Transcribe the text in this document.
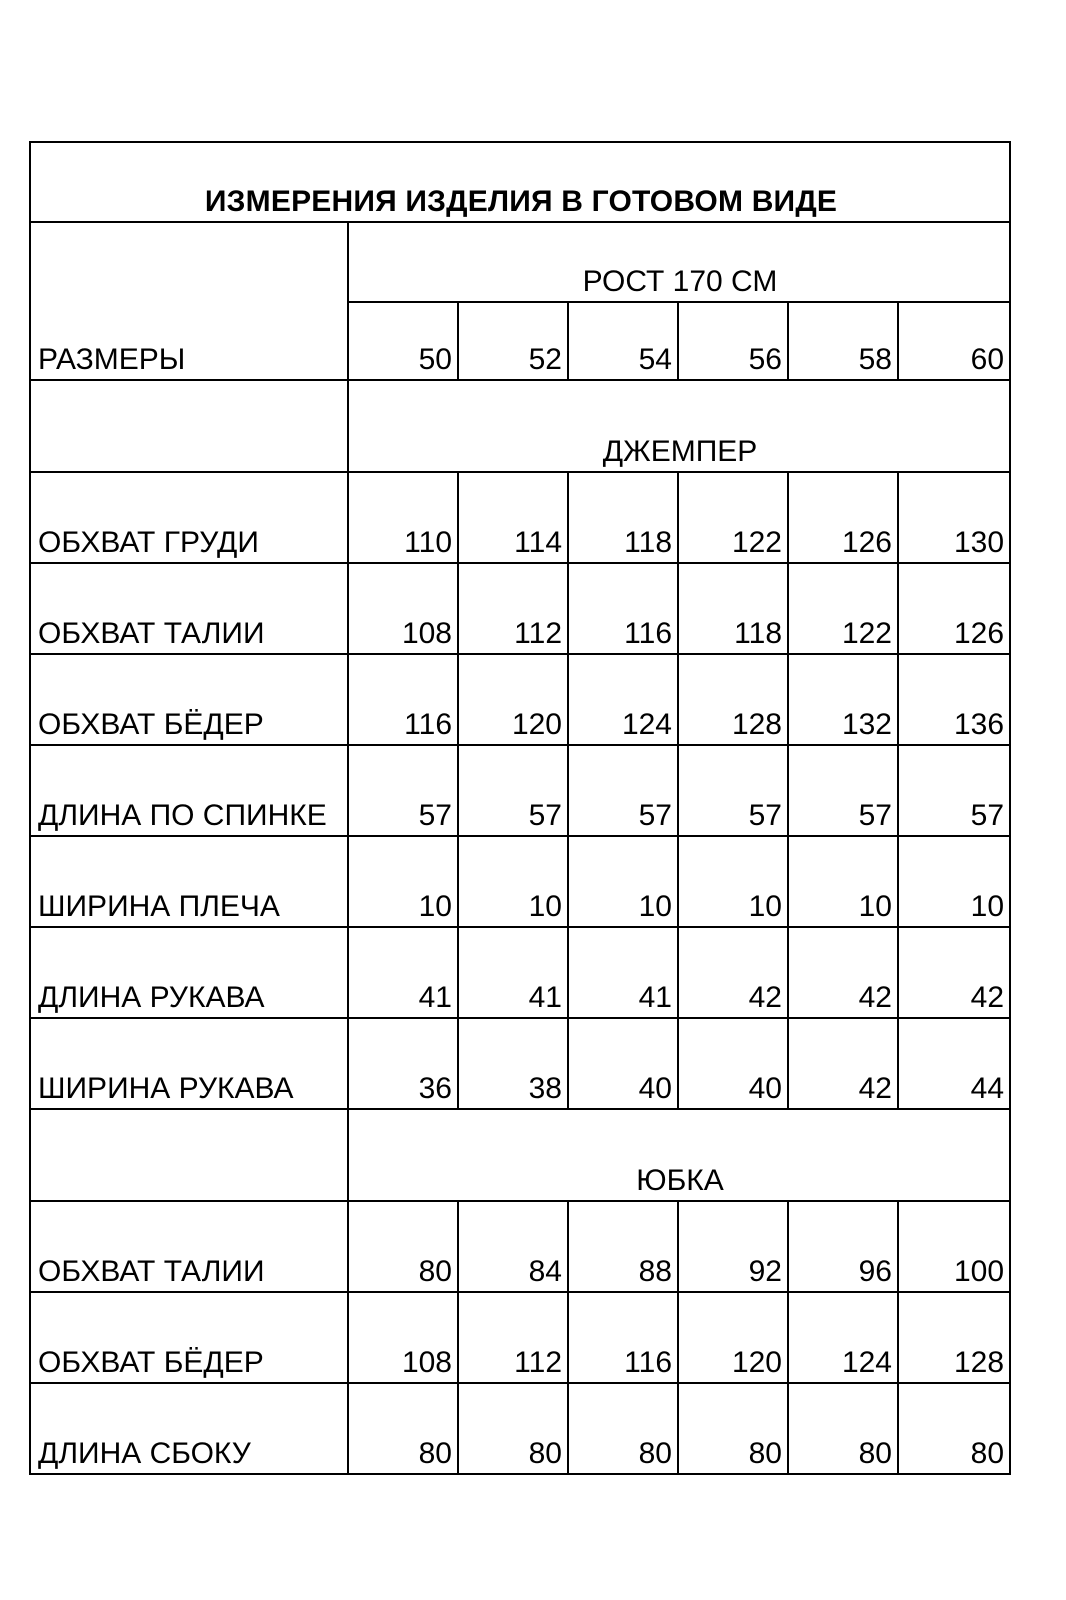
ИЗМЕРЕНИЯ ИЗДЕЛИЯ В ГОТОВОМ ВИДЕ						
РАЗМЕРЫ	РОСТ 170 СМ					
	50	52	54	56	58	60
	ДЖЕМПЕР					
ОБХВАТ ГРУДИ	110	114	118	122	126	130
ОБХВАТ ТАЛИИ	108	112	116	118	122	126
ОБХВАТ БЁДЕР	116	120	124	128	132	136
ДЛИНА ПО СПИНКЕ	57	57	57	57	57	57
ШИРИНА ПЛЕЧА	10	10	10	10	10	10
ДЛИНА РУКАВА	41	41	41	42	42	42
ШИРИНА РУКАВА	36	38	40	40	42	44
	ЮБКА					
ОБХВАТ ТАЛИИ	80	84	88	92	96	100
ОБХВАТ БЁДЕР	108	112	116	120	124	128
ДЛИНА СБОКУ	80	80	80	80	80	80
